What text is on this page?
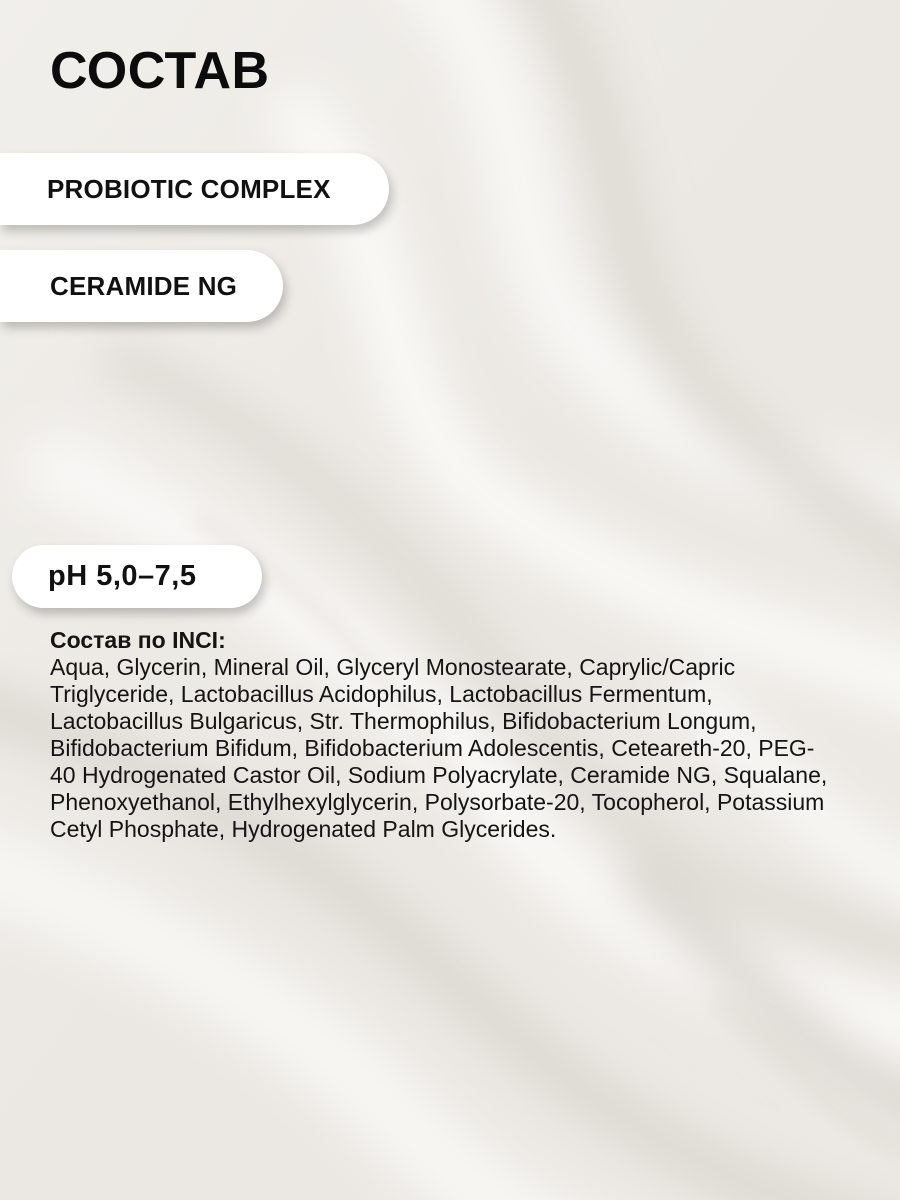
СОСТАВ
PROBIOTIC COMPLEX
CERAMIDE NG
pH 5,0–7,5

Состав по INCI:

Aqua, Glycerin, Mineral Oil, Glyceryl Monostearate, Caprylic/Capric Triglyceride, Lactobacillus Acidophilus, Lactobacillus Fermentum, Lactobacillus Bulgaricus, Str. Thermophilus, Bifidobacterium Longum, Bifidobacterium Bifidum, Bifidobacterium Adolescentis, Ceteareth-20, PEG-40 Hydrogenated Castor Oil, Sodium Polyacrylate, Ceramide NG, Squalane, Phenoxyethanol, Ethylhexylglycerin, Polysorbate-20, Tocopherol, Potassium Cetyl Phosphate, Hydrogenated Palm Glycerides.
